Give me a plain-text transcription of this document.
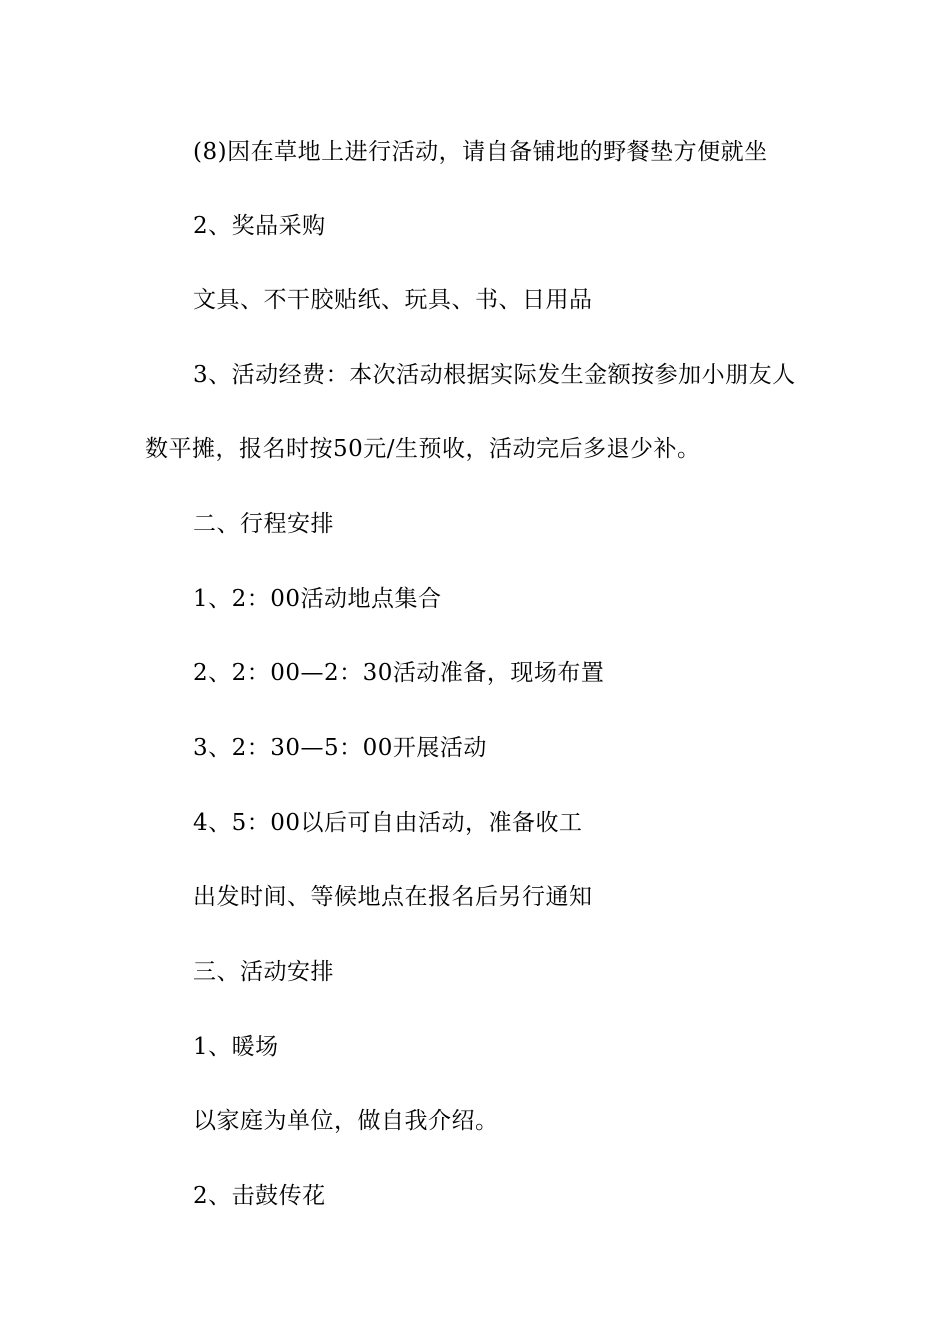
(8)因在草地上进行活动，请自备铺地的野餐垫方便就坐
2、奖品采购
文具、不干胶贴纸、玩具、书、日用品
3、活动经费：本次活动根据实际发生金额按参加小朋友人
数平摊，报名时按50元/生预收，活动完后多退少补。
二、行程安排
1、2：00活动地点集合
2、2：00—2：30活动准备，现场布置
3、2：30—5：00开展活动
4、5：00以后可自由活动，准备收工
出发时间、等候地点在报名后另行通知
三、活动安排
1、暖场
以家庭为单位，做自我介绍。
2、击鼓传花
